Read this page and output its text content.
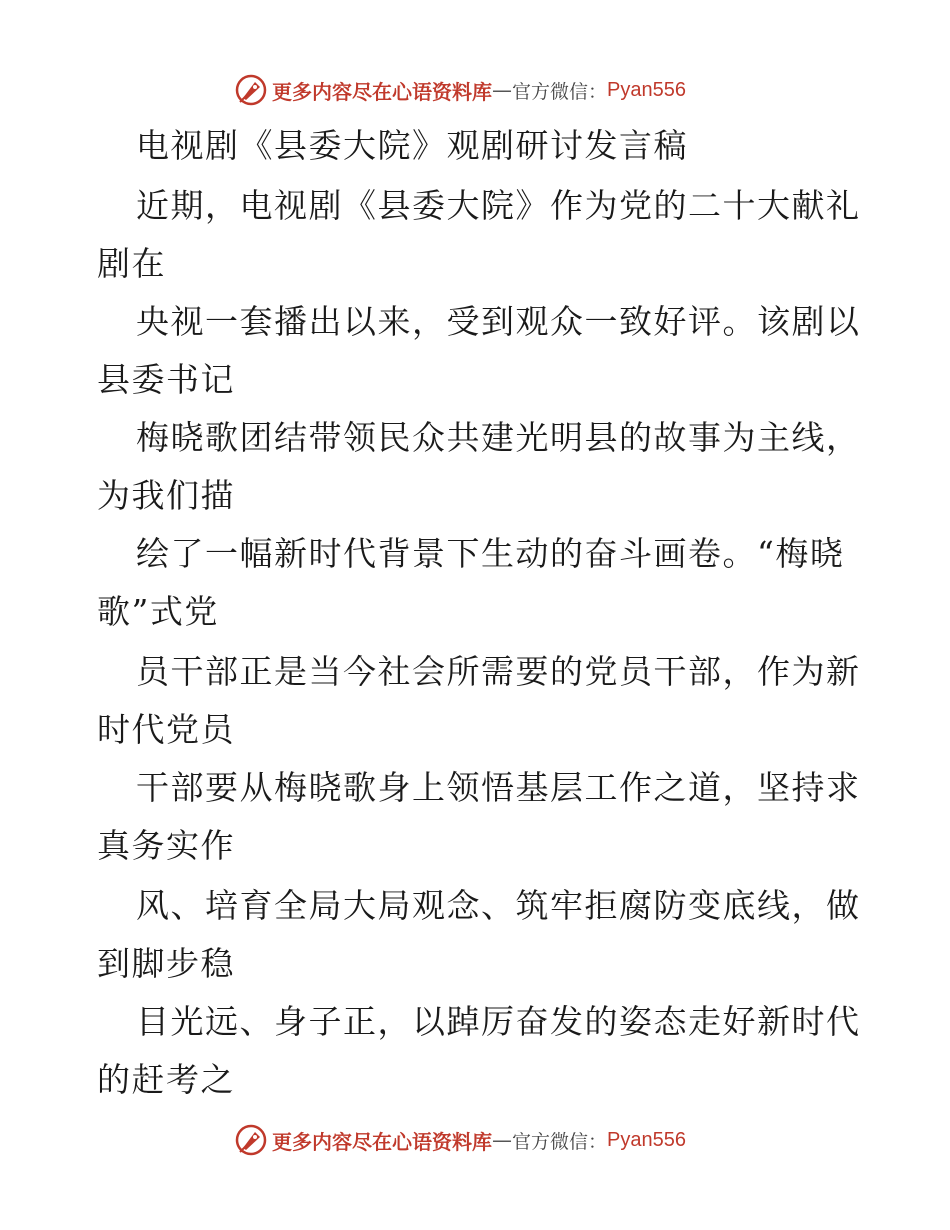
更多内容尽在心语资料库 — 官方微信： Pyan556
电视剧《县委大院》观剧研讨发言稿
近期，电视剧《县委大院》作为党的二十大献礼
剧在
央视一套播出以来，受到观众一致好评。该剧以
县委书记
梅晓歌团结带领民众共建光明县的故事为主线，
为我们描
绘了一幅新时代背景下生动的奋斗画卷。“梅晓
歌”式党
员干部正是当今社会所需要的党员干部，作为新
时代党员
干部要从梅晓歌身上领悟基层工作之道，坚持求
真务实作
风、培育全局大局观念、筑牢拒腐防变底线，做
到脚步稳
目光远、身子正，以踔厉奋发的姿态走好新时代
的赶考之
更多内容尽在心语资料库 — 官方微信： Pyan556
